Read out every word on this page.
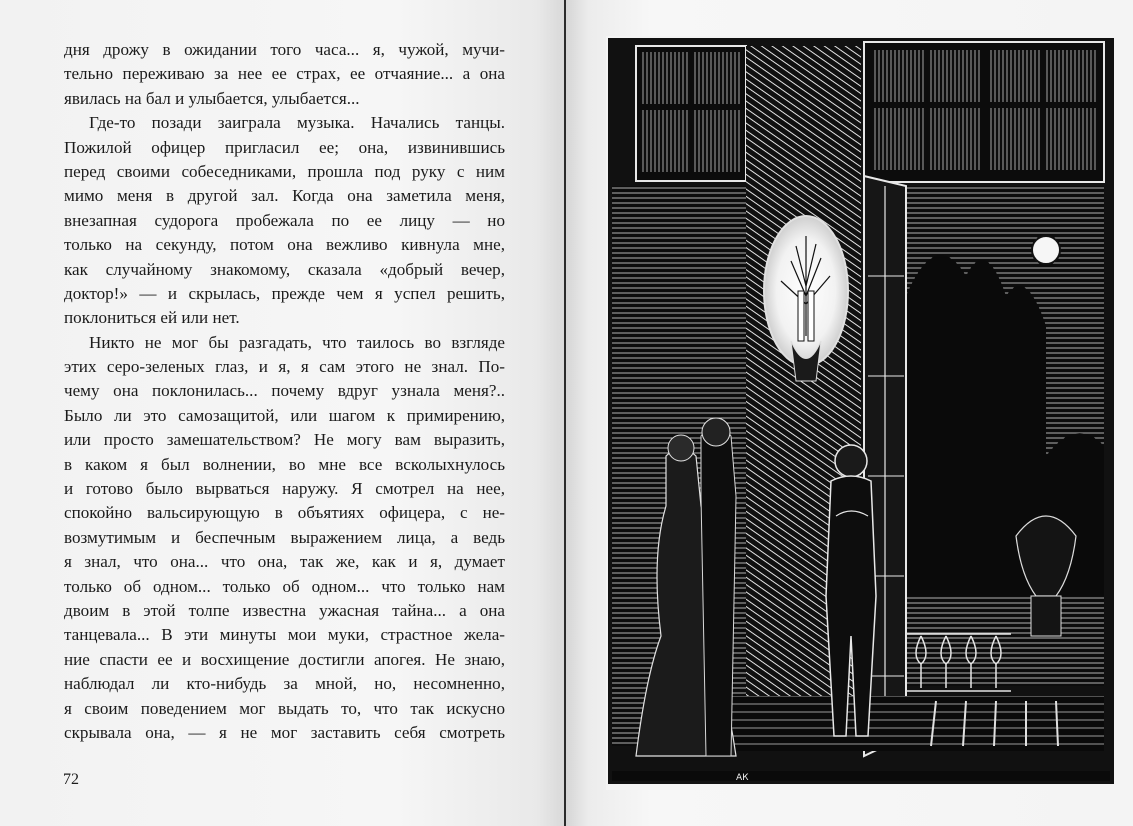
дня дрожу в ожидании того часа... я, чужой, мучи-
тельно переживаю за нее ее страх, ее отчаяние... а она
явилась на бал и улыбается, улыбается...
Где-то позади заиграла музыка. Начались танцы.
Пожилой офицер пригласил ее; она, извинившись
перед своими собеседниками, прошла под руку с ним
мимо меня в другой зал. Когда она заметила меня,
внезапная судорога пробежала по ее лицу — но
только на секунду, потом она вежливо кивнула мне,
как случайному знакомому, сказала «добрый вечер,
доктор!» — и скрылась, прежде чем я успел решить,
поклониться ей или нет.
Никто не мог бы разгадать, что таилось во взгляде
этих серо-зеленых глаз, и я, я сам этого не знал. По-
чему она поклонилась... почему вдруг узнала меня?..
Было ли это самозащитой, или шагом к примирению,
или просто замешательством? Не могу вам выразить,
в каком я был волнении, во мне все всколыхнулось
и готово было вырваться наружу. Я смотрел на нее,
спокойно вальсирующую в объятиях офицера, с не-
возмутимым и беспечным выражением лица, а ведь
я знал, что она... что она, так же, как и я, думает
только об одном... только об одном... что только нам
двоим в этой толпе известна ужасная тайна... а она
танцевала... В эти минуты мои муки, страстное жела-
ние спасти ее и восхищение достигли апогея. Не знаю,
наблюдал ли кто-нибудь за мной, но, несомненно,
я своим поведением мог выдать то, что так искусно
скрывала она, — я не мог заставить себя смотреть
72	АК
